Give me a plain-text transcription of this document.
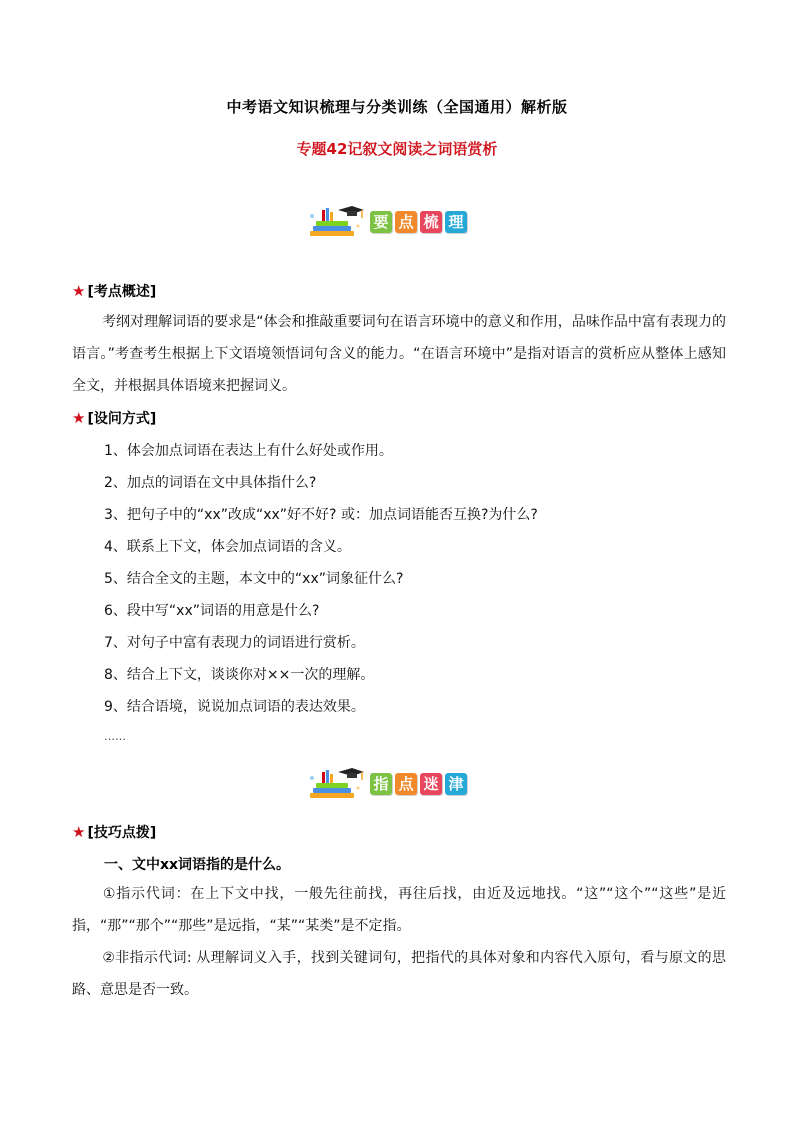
中考语文知识梳理与分类训练（全国通用）解析版
专题42记叙文阅读之词语赏析
要 点 梳 理
★ [考点概述]
考纲对理解词语的要求是“体会和推敲重要词句在语言环境中的意义和作用，品味作品中富有表现力的语言。”考查考生根据上下文语境领悟词句含义的能力。“在语言环境中”是指对语言的赏析应从整体上感知全文，并根据具体语境来把握词义。
★ [设问方式]
1、体会加点词语在表达上有什么好处或作用。
2、加点的词语在文中具体指什么?
3、把句子中的“xx”改成“xx”好不好? 或：加点词语能否互换?为什么?
4、联系上下文，体会加点词语的含义。
5、结合全文的主题，本文中的“xx”词象征什么?
6、段中写“xx”词语的用意是什么?
7、对句子中富有表现力的词语进行赏析。
8、结合上下文，谈谈你对××一次的理解。
9、结合语境，说说加点词语的表达效果。
……
指 点 迷 津
★ [技巧点拨]
一、文中xx词语指的是什么。
①指示代词：在上下文中找，一般先往前找，再往后找，由近及远地找。“这”“这个”“这些”是近指，“那”“那个”“那些”是远指，“某”“某类”是不定指。
②非指示代词: 从理解词义入手，找到关键词句，把指代的具体对象和内容代入原句，看与原文的思路、意思是否一致。
